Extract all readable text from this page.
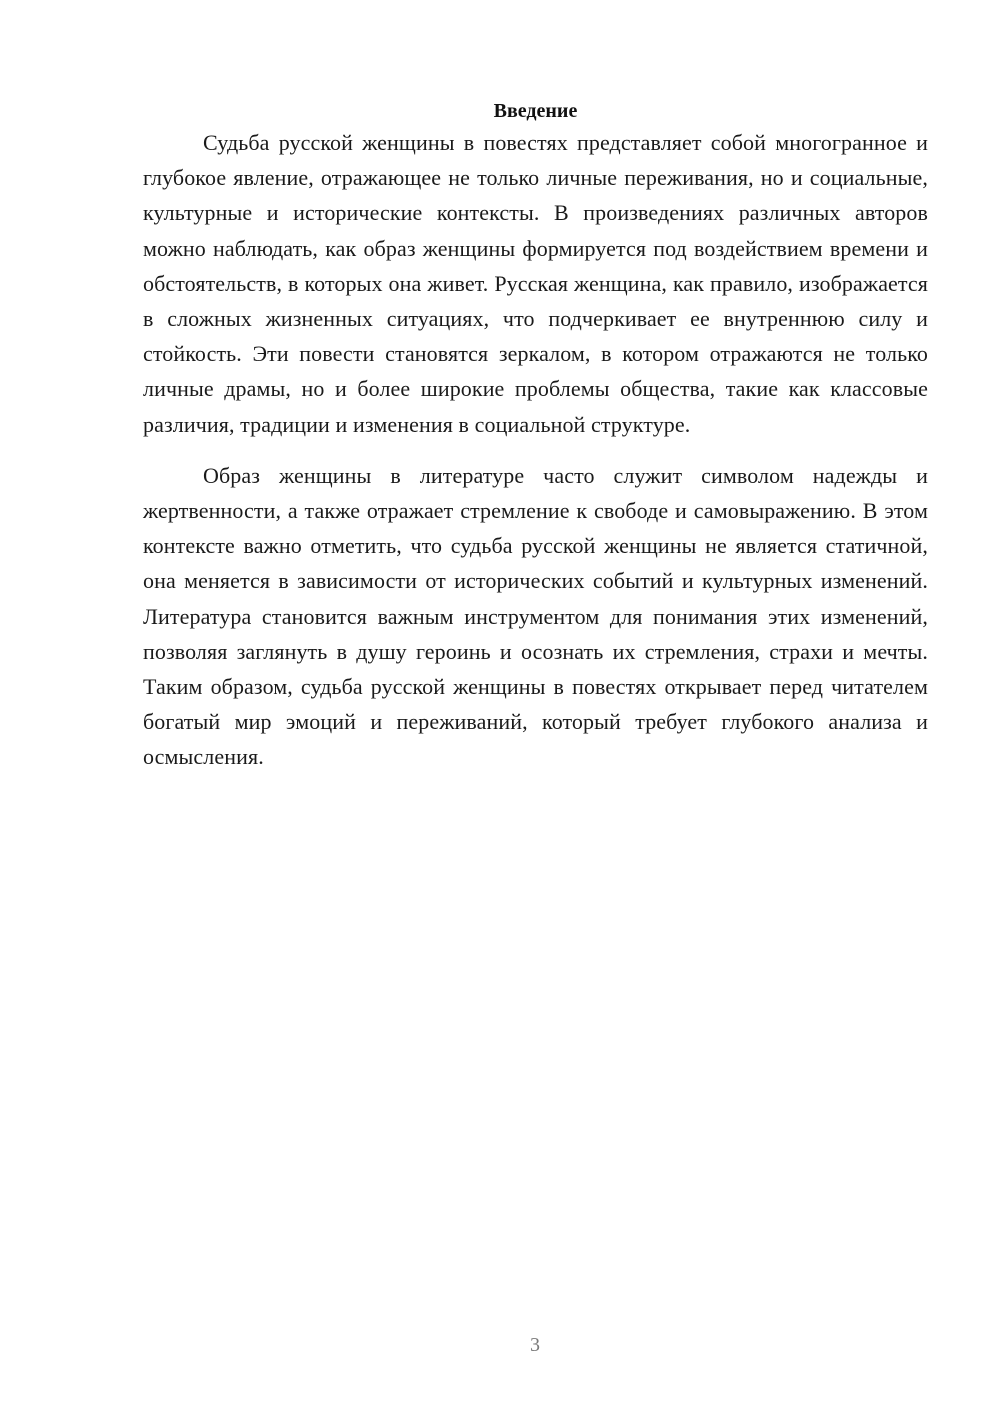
Введение

Судьба русской женщины в повестях представляет собой многогранное и глубокое явление, отражающее не только личные переживания, но и социальные, культурные и исторические контексты. В произведениях различных авторов можно наблюдать, как образ женщины формируется под воздействием времени и обстоятельств, в которых она живет. Русская женщина, как правило, изображается в сложных жизненных ситуациях, что подчеркивает ее внутреннюю силу и стойкость. Эти повести становятся зеркалом, в котором отражаются не только личные драмы, но и более широкие проблемы общества, такие как классовые различия, традиции и изменения в социальной структуре.

Образ женщины в литературе часто служит символом надежды и жертвенности, а также отражает стремление к свободе и самовыражению. В этом контексте важно отметить, что судьба русской женщины не является статичной, она меняется в зависимости от исторических событий и культурных изменений. Литература становится важным инструментом для понимания этих изменений, позволяя заглянуть в душу героинь и осознать их стремления, страхи и мечты. Таким образом, судьба русской женщины в повестях открывает перед читателем богатый мир эмоций и переживаний, который требует глубокого анализа и осмысления.

3
